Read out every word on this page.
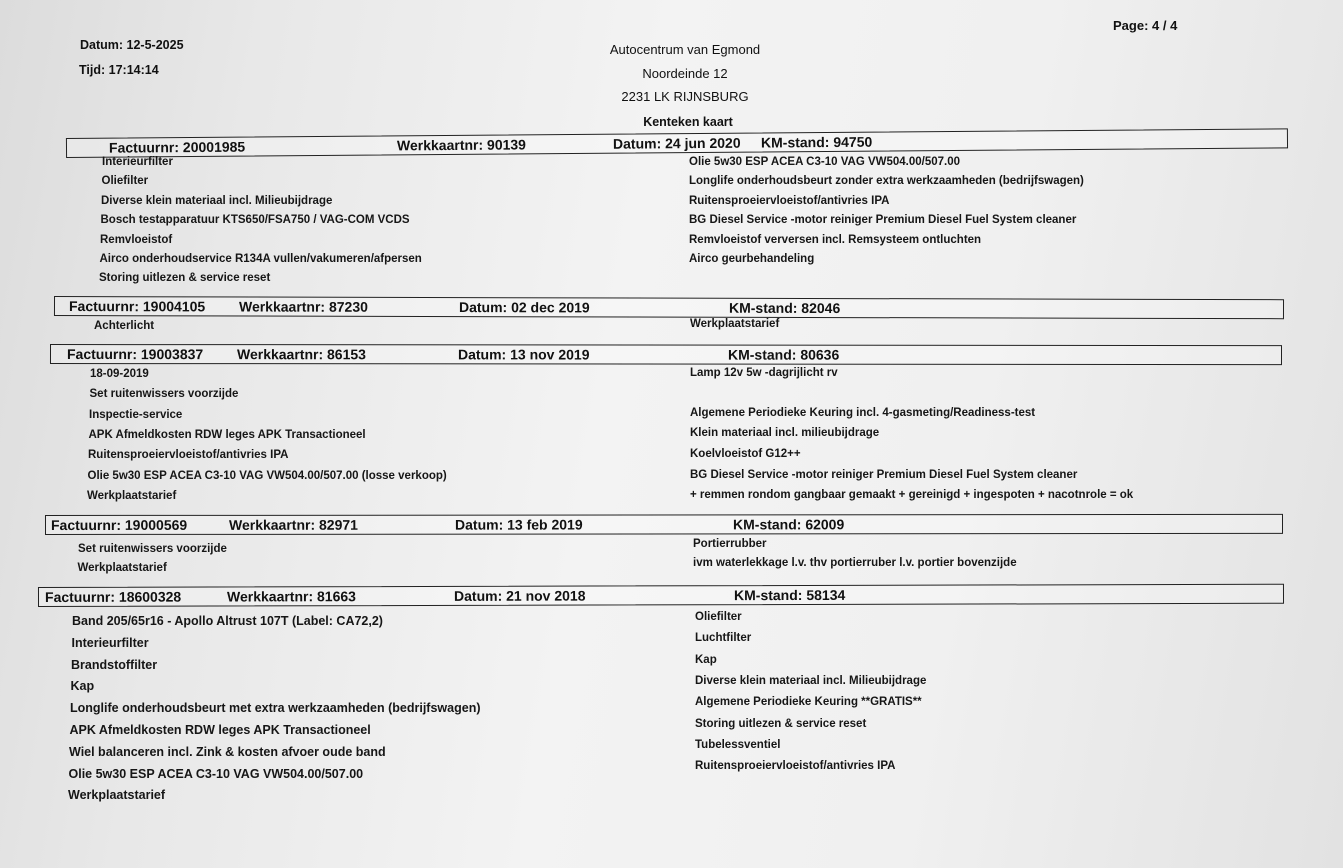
Datum: 12-5-2025
Tijd: 17:14:14
Autocentrum van Egmond
Noordeinde 12
2231 LK RIJNSBURG
Page: 4 / 4
Kenteken kaart
Factuurnr: 20001985	Werkkaartnr: 90139	Datum: 24 jun 2020 KM-stand: 94750
Interieurfilter
Oliefilter
Diverse klein materiaal incl. Milieubijdrage
Bosch testapparatuur KTS650/FSA750 / VAG-COM VCDS
Remvloeistof
Airco onderhoudservice R134A vullen/vakumeren/afpersen
Storing uitlezen & service reset
Olie 5w30 ESP ACEA C3-10 VAG VW504.00/507.00
Longlife onderhoudsbeurt zonder extra werkzaamheden (bedrijfswagen)
Ruitensproeiervloeistof/antivries IPA
BG Diesel Service -motor reiniger Premium Diesel Fuel System cleaner
Remvloeistof verversen incl. Remsysteem ontluchten
Airco geurbehandeling
Factuurnr: 19004105 Werkkaartnr: 87230	Datum: 02 dec 2019	KM-stand: 82046
Achterlicht	Werkplaatstarief
Factuurnr: 19003837 Werkkaartnr: 86153	Datum: 13 nov 2019	KM-stand: 80636
18-09-2019
Set ruitenwissers voorzijde
Inspectie-service
APK Afmeldkosten RDW leges APK Transactioneel
Ruitensproeiervloeistof/antivries IPA
Olie 5w30 ESP ACEA C3-10 VAG VW504.00/507.00 (losse verkoop)
Werkplaatstarief
Lamp 12v 5w -dagrijlicht rv
Algemene Periodieke Keuring incl. 4-gasmeting/Readiness-test
Klein materiaal incl. milieubijdrage
Koelvloeistof G12++
BG Diesel Service -motor reiniger Premium Diesel Fuel System cleaner
+ remmen rondom gangbaar gemaakt + gereinigd + ingespoten + nacotnrole = ok
Factuurnr: 19000569	Werkkaartnr: 82971	Datum: 13 feb 2019	KM-stand: 62009
Set ruitenwissers voorzijde
Werkplaatstarief
Portierrubber
ivm waterlekkage l.v. thv portierruber l.v. portier bovenzijde
Factuurnr: 18600328	Werkkaartnr: 81663	Datum: 21 nov 2018	KM-stand: 58134
Band 205/65r16 - Apollo Altrust 107T (Label: CA72,2)
Interieurfilter
Brandstoffilter
Kap
Longlife onderhoudsbeurt met extra werkzaamheden (bedrijfswagen)
APK Afmeldkosten RDW leges APK Transactioneel
Wiel balanceren incl. Zink & kosten afvoer oude band
Olie 5w30 ESP ACEA C3-10 VAG VW504.00/507.00
Werkplaatstarief
Oliefilter
Luchtfilter
Kap
Diverse klein materiaal incl. Milieubijdrage
Algemene Periodieke Keuring **GRATIS**
Storing uitlezen & service reset
Tubelessventiel
Ruitensproeiervloeistof/antivries IPA
